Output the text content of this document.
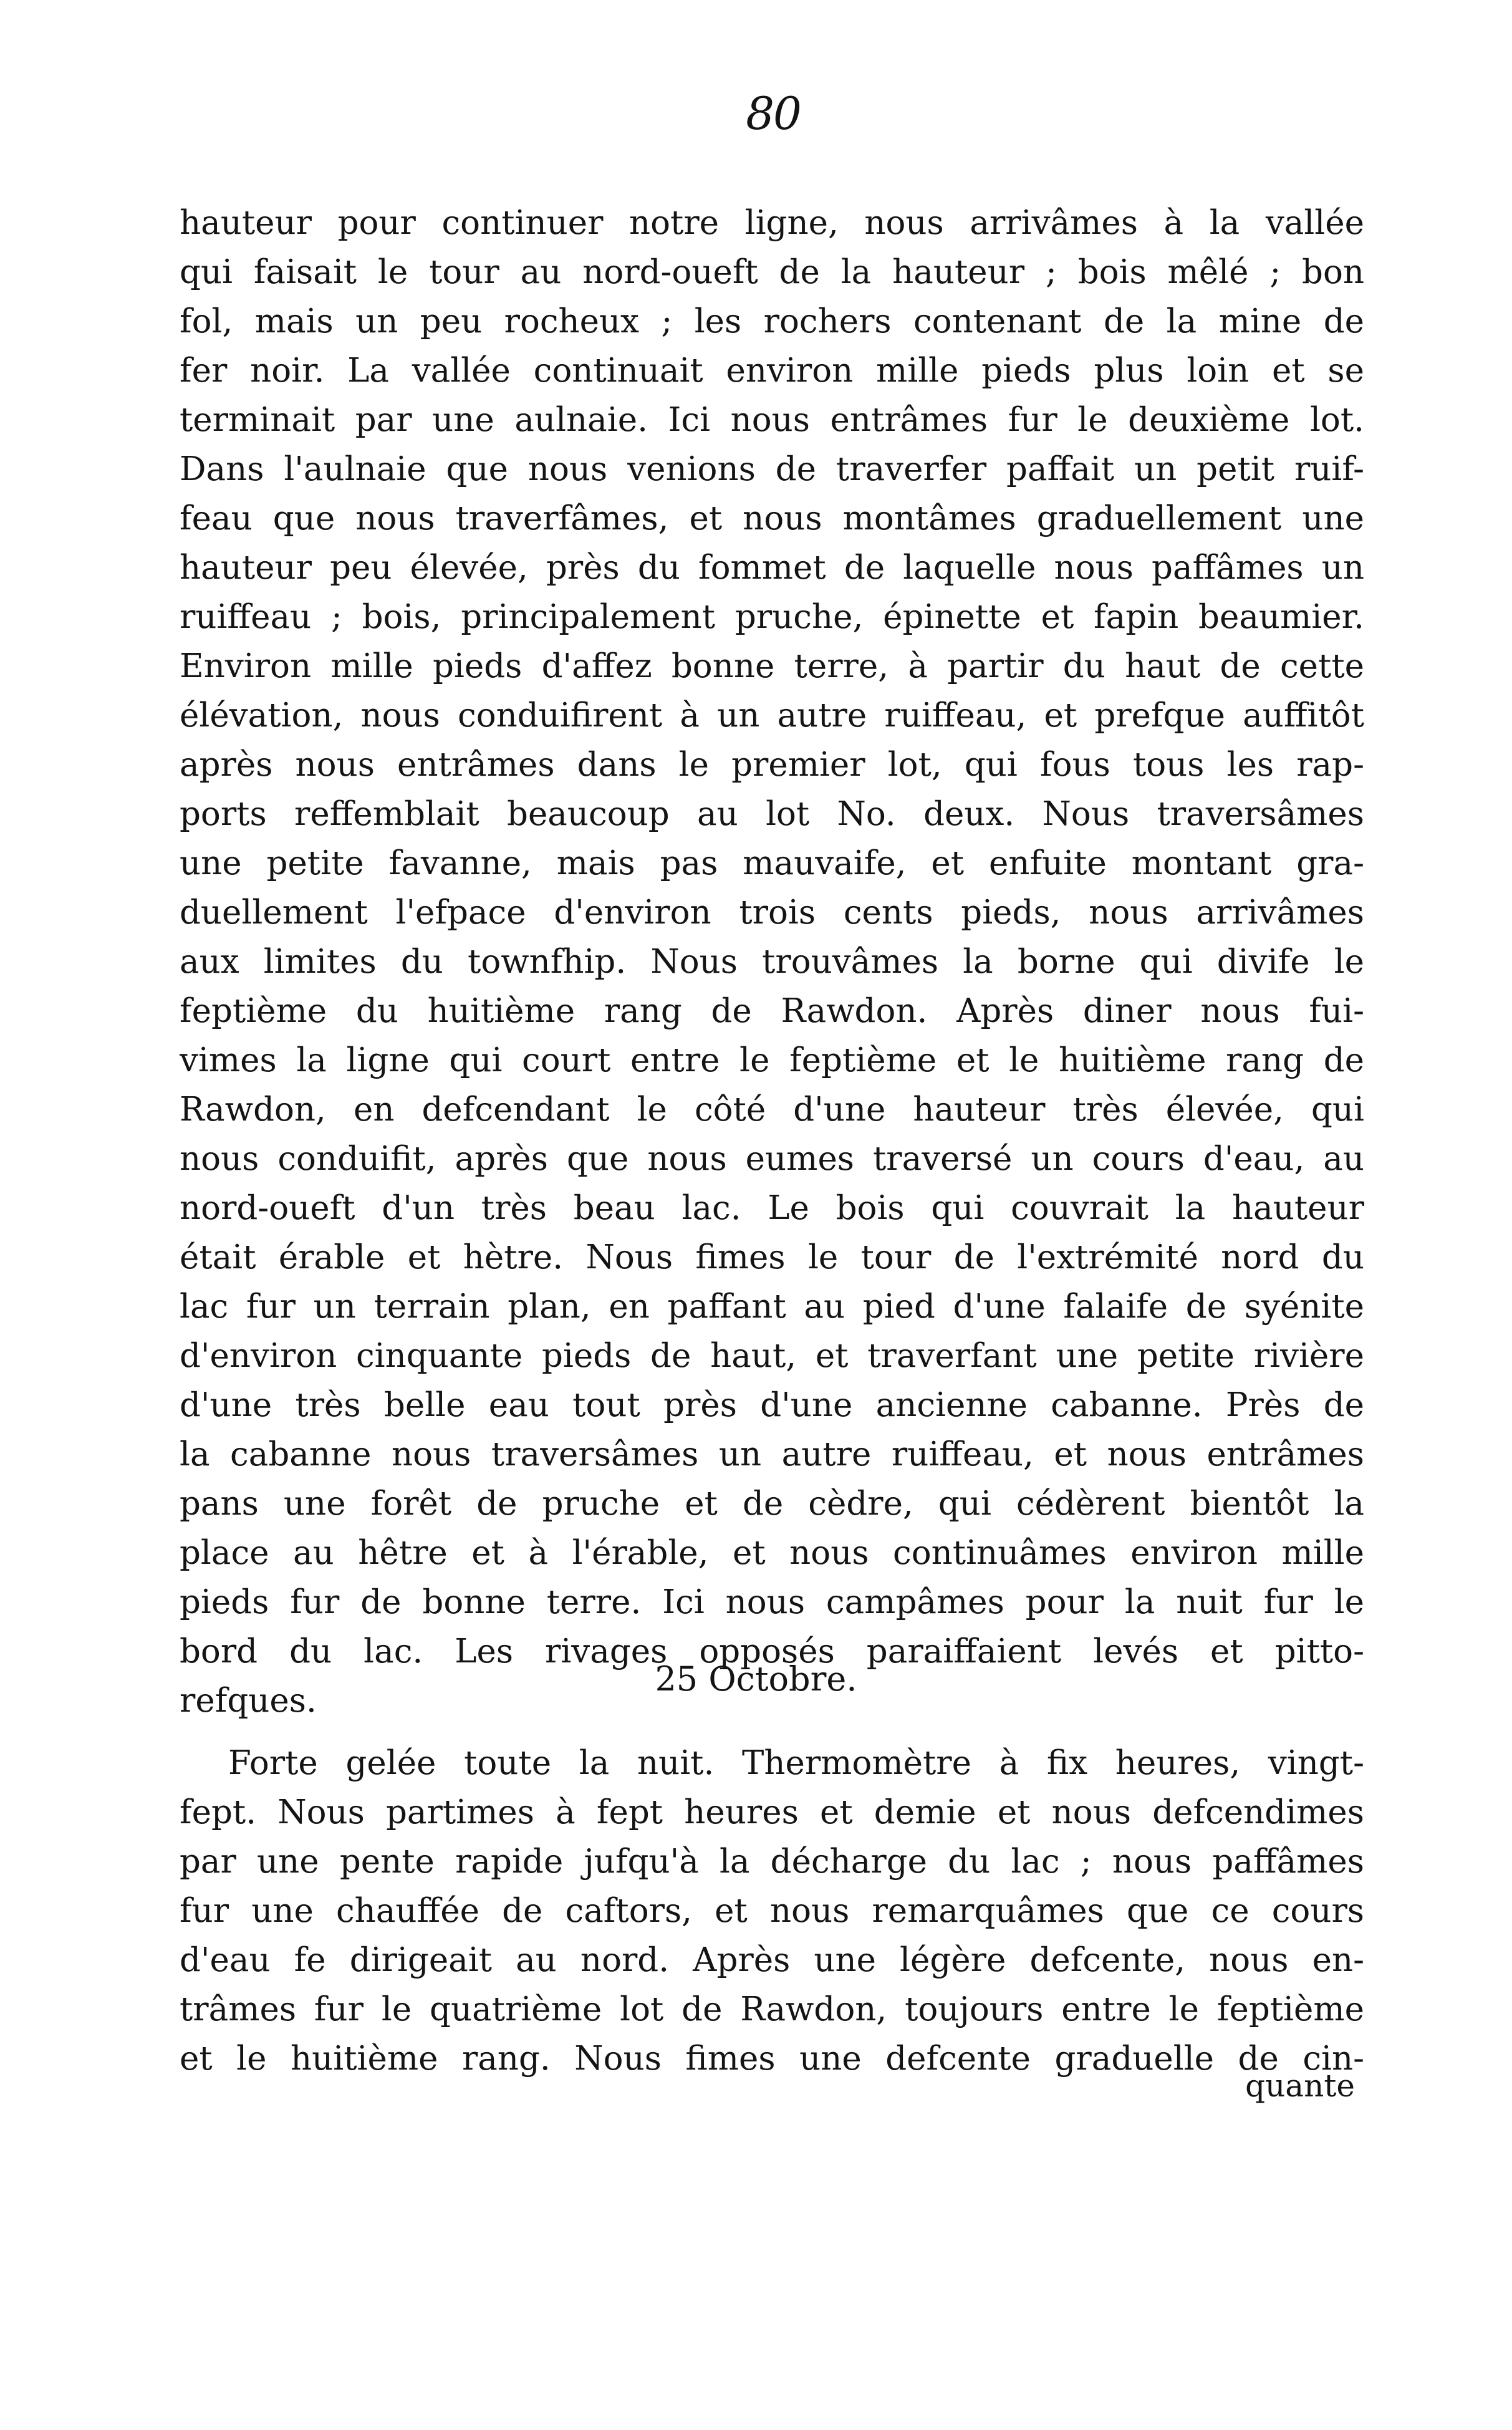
80
hauteur pour continuer notre ligne, nous arrivâmes à la vallée
qui faisait le tour au nord-oueft de la hauteur ; bois mêlé ; bon
fol, mais un peu rocheux ; les rochers contenant de la mine de
fer noir. La vallée continuait environ mille pieds plus loin et se
terminait par une aulnaie. Ici nous entrâmes fur le deuxième lot.
Dans l'aulnaie que nous venions de traverfer paffait un petit ruif-
feau que nous traverfâmes, et nous montâmes graduellement une
hauteur peu élevée, près du fommet de laquelle nous paffâmes un
ruiffeau ; bois, principalement pruche, épinette et fapin beaumier.
Environ mille pieds d'affez bonne terre, à partir du haut de cette
élévation, nous conduifirent à un autre ruiffeau, et prefque auffitôt
après nous entrâmes dans le premier lot, qui fous tous les rap-
ports reffemblait beaucoup au lot No. deux. Nous traversâmes
une petite favanne, mais pas mauvaife, et enfuite montant gra-
duellement l'efpace d'environ trois cents pieds, nous arrivâmes
aux limites du townfhip. Nous trouvâmes la borne qui divife le
feptième du huitième rang de Rawdon. Après diner nous fui-
vimes la ligne qui court entre le feptième et le huitième rang de
Rawdon, en defcendant le côté d'une hauteur très élevée, qui
nous conduifit, après que nous eumes traversé un cours d'eau, au
nord-oueft d'un très beau lac. Le bois qui couvrait la hauteur
était érable et hètre. Nous fimes le tour de l'extrémité nord du
lac fur un terrain plan, en paffant au pied d'une falaife de syénite
d'environ cinquante pieds de haut, et traverfant une petite rivière
d'une très belle eau tout près d'une ancienne cabanne. Près de
la cabanne nous traversâmes un autre ruiffeau, et nous entrâmes
pans une forêt de pruche et de cèdre, qui cédèrent bientôt la
place au hêtre et à l'érable, et nous continuâmes environ mille
pieds fur de bonne terre. Ici nous campâmes pour la nuit fur le
bord du lac. Les rivages opposés paraiffaient levés et pitto-
refques.
25 Octobre.
Forte gelée toute la nuit. Thermomètre à fix heures, vingt-
fept. Nous partimes à fept heures et demie et nous defcendimes
par une pente rapide jufqu'à la décharge du lac ; nous paffâmes
fur une chauffée de caftors, et nous remarquâmes que ce cours
d'eau fe dirigeait au nord. Après une légère defcente, nous en-
trâmes fur le quatrième lot de Rawdon, toujours entre le feptième
et le huitième rang. Nous fimes une defcente graduelle de cin-
quante
